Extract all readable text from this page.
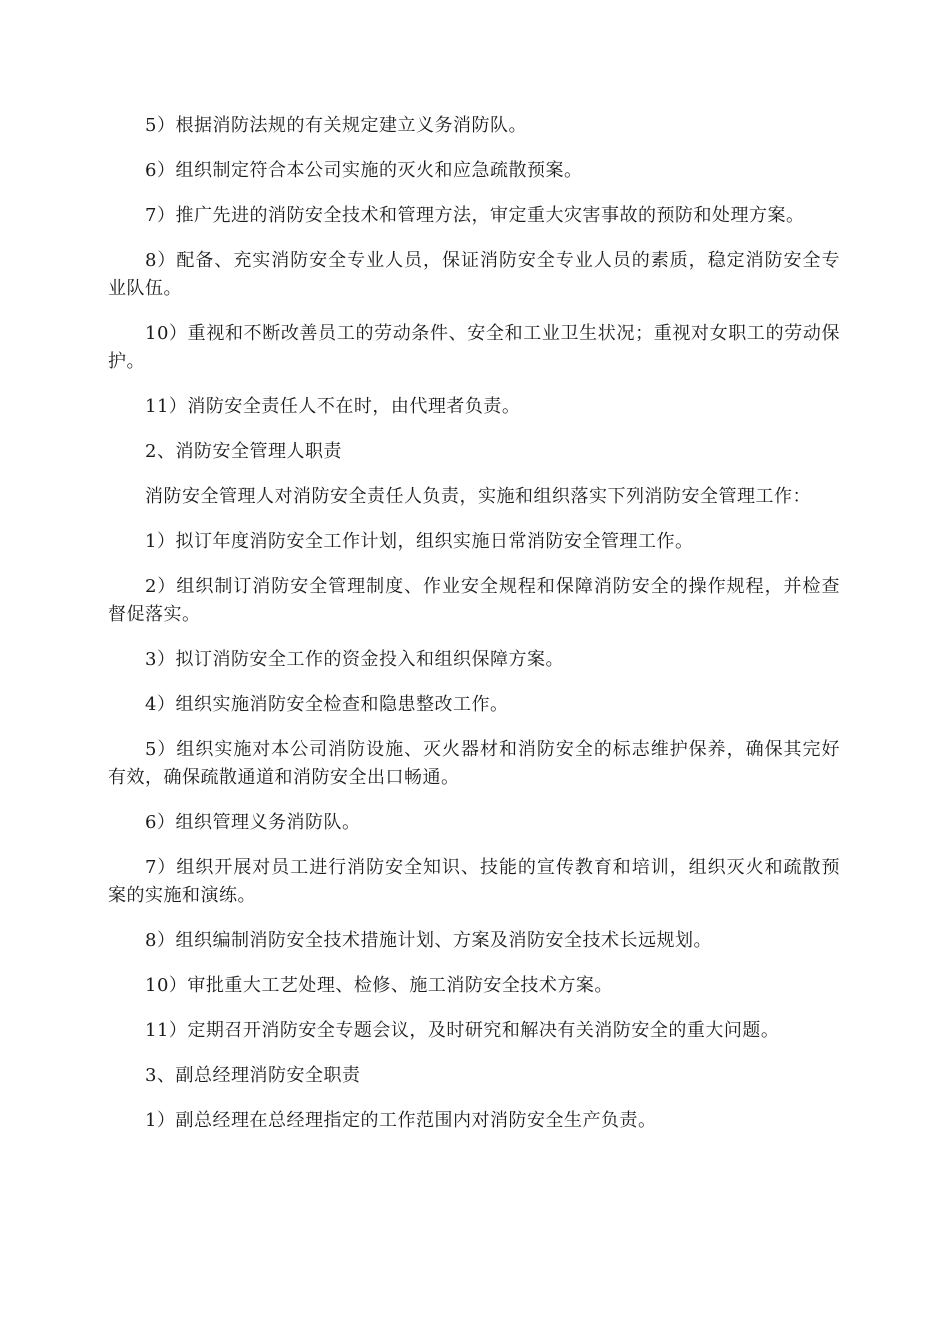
5）根据消防法规的有关规定建立义务消防队。

6）组织制定符合本公司实施的灭火和应急疏散预案。

7）推广先进的消防安全技术和管理方法，审定重大灾害事故的预防和处理方案。

8）配备、充实消防安全专业人员，保证消防安全专业人员的素质，稳定消防安全专业队伍。

10）重视和不断改善员工的劳动条件、安全和工业卫生状况；重视对女职工的劳动保护。

11）消防安全责任人不在时，由代理者负责。

2、消防安全管理人职责

消防安全管理人对消防安全责任人负责，实施和组织落实下列消防安全管理工作：

1）拟订年度消防安全工作计划，组织实施日常消防安全管理工作。

2）组织制订消防安全管理制度、作业安全规程和保障消防安全的操作规程，并检查督促落实。

3）拟订消防安全工作的资金投入和组织保障方案。

4）组织实施消防安全检查和隐患整改工作。

5）组织实施对本公司消防设施、灭火器材和消防安全的标志维护保养，确保其完好有效，确保疏散通道和消防安全出口畅通。

6）组织管理义务消防队。

7）组织开展对员工进行消防安全知识、技能的宣传教育和培训，组织灭火和疏散预案的实施和演练。

8）组织编制消防安全技术措施计划、方案及消防安全技术长远规划。

10）审批重大工艺处理、检修、施工消防安全技术方案。

11）定期召开消防安全专题会议，及时研究和解决有关消防安全的重大问题。

3、副总经理消防安全职责

1）副总经理在总经理指定的工作范围内对消防安全生产负责。
